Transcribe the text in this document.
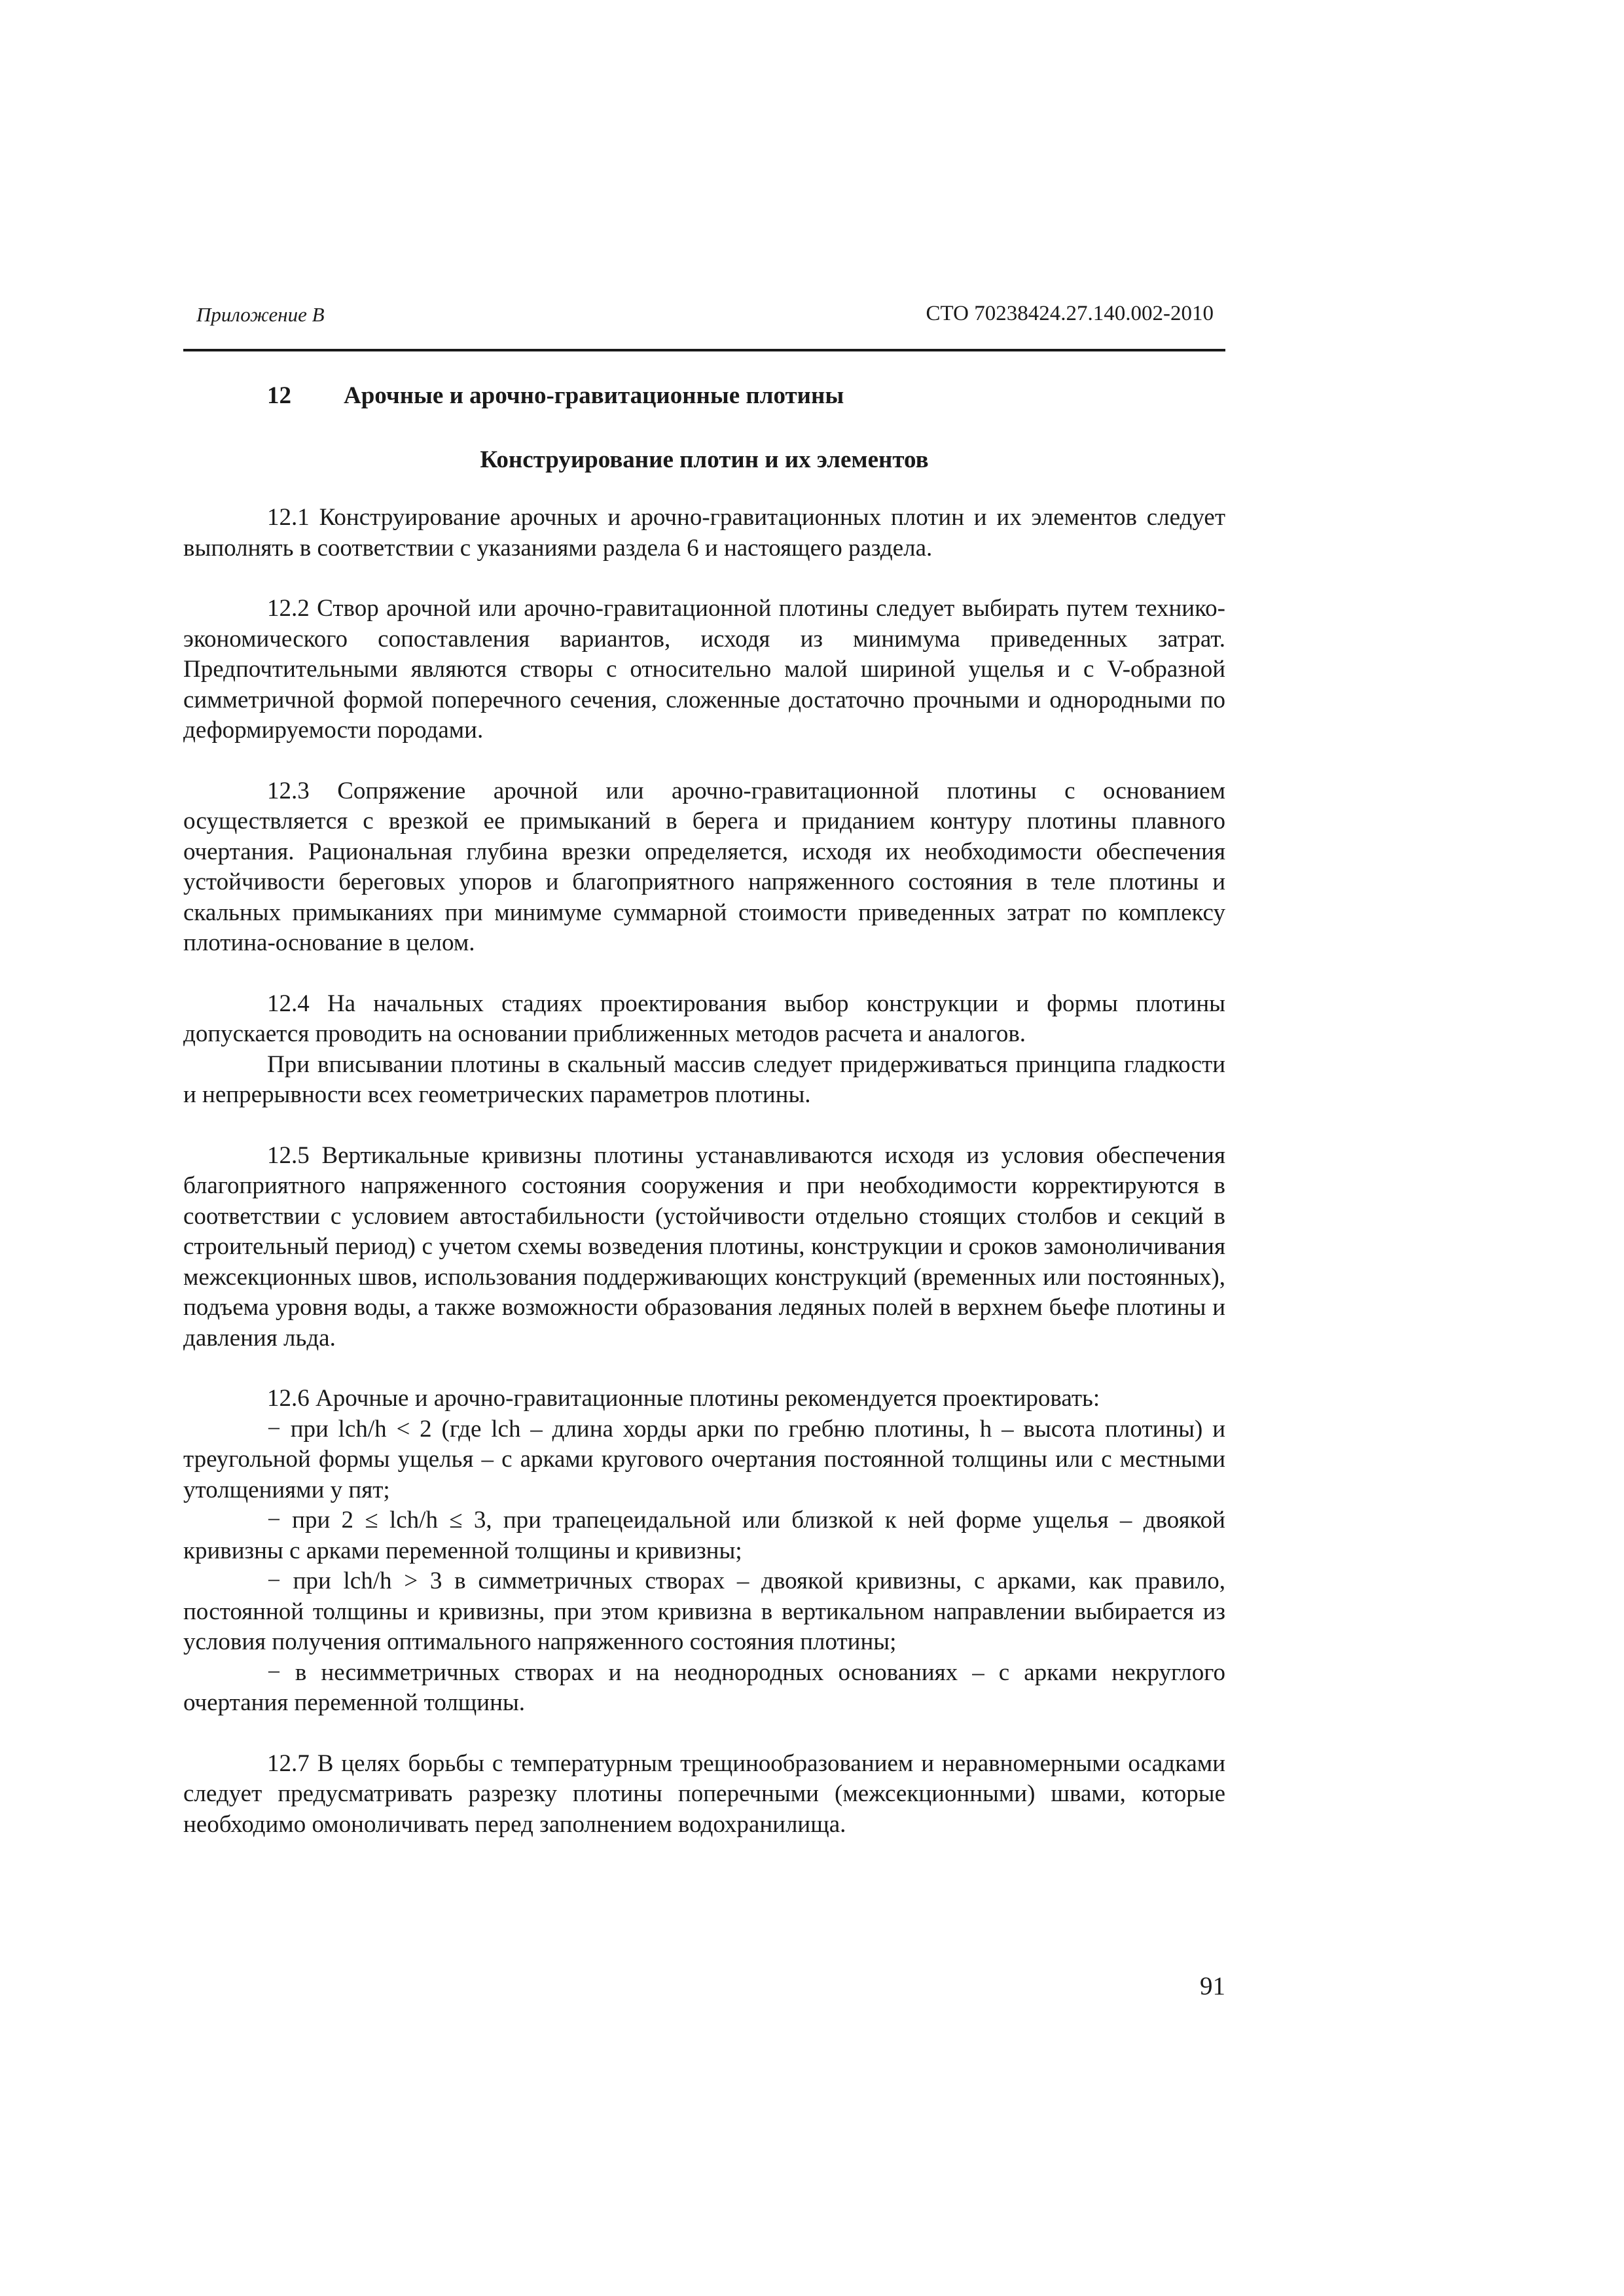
Приложение В	СТО 70238424.27.140.002-2010
12 Арочные и арочно-гравитационные плотины
Конструирование плотин и их элементов

12.1 Конструирование арочных и арочно-гравитационных плотин и их элементов следует выполнять в соответствии с указаниями раздела 6 и настоящего раздела.

12.2 Створ арочной или арочно-гравитационной плотины следует выбирать путем технико-экономического сопоставления вариантов, исходя из минимума приведенных затрат. Предпочтительными являются створы с относительно малой шириной ущелья и с V-образной симметричной формой поперечного сечения, сложенные достаточно прочными и однородными по деформируемости породами.

12.3 Сопряжение арочной или арочно-гравитационной плотины с основанием осуществляется с врезкой ее примыканий в берега и приданием контуру плотины плавного очертания. Рациональная глубина врезки определяется, исходя их необходимости обеспечения устойчивости береговых упоров и благоприятного напряженного состояния в теле плотины и скальных примыканиях при минимуме суммарной стоимости приведенных затрат по комплексу плотина-основание в целом.

12.4 На начальных стадиях проектирования выбор конструкции и формы плотины допускается проводить на основании приближенных методов расчета и аналогов.

При вписывании плотины в скальный массив следует придерживаться принципа гладкости и непрерывности всех геометрических параметров плотины.

12.5 Вертикальные кривизны плотины устанавливаются исходя из условия обеспечения благоприятного напряженного состояния сооружения и при необходимости корректируются в соответствии с условием автостабильности (устойчивости отдельно стоящих столбов и секций в строительный период) с учетом схемы возведения плотины, конструкции и сроков замоноличивания межсекционных швов, использования поддерживающих конструкций (временных или постоянных), подъема уровня воды, а также возможности образования ледяных полей в верхнем бьефе плотины и давления льда.

12.6 Арочные и арочно-гравитационные плотины рекомендуется проектировать:

− при lch/h < 2 (где lch – длина хорды арки по гребню плотины, h – высота плотины) и треугольной формы ущелья – с арками кругового очертания постоянной толщины или с местными утолщениями у пят;

− при 2 ≤ lch/h ≤ 3, при трапецеидальной или близкой к ней форме ущелья – двоякой кривизны с арками переменной толщины и кривизны;

− при lch/h > 3 в симметричных створах – двоякой кривизны, с арками, как правило, постоянной толщины и кривизны, при этом кривизна в вертикальном направлении выбирается из условия получения оптимального напряженного состояния плотины;

− в несимметричных створах и на неоднородных основаниях – с арками некруглого очертания переменной толщины.

12.7 В целях борьбы с температурным трещинообразованием и неравномерными осадками следует предусматривать разрезку плотины поперечными (межсекционными) швами, которые необходимо омоноличивать перед заполнением водохранилища.

91
